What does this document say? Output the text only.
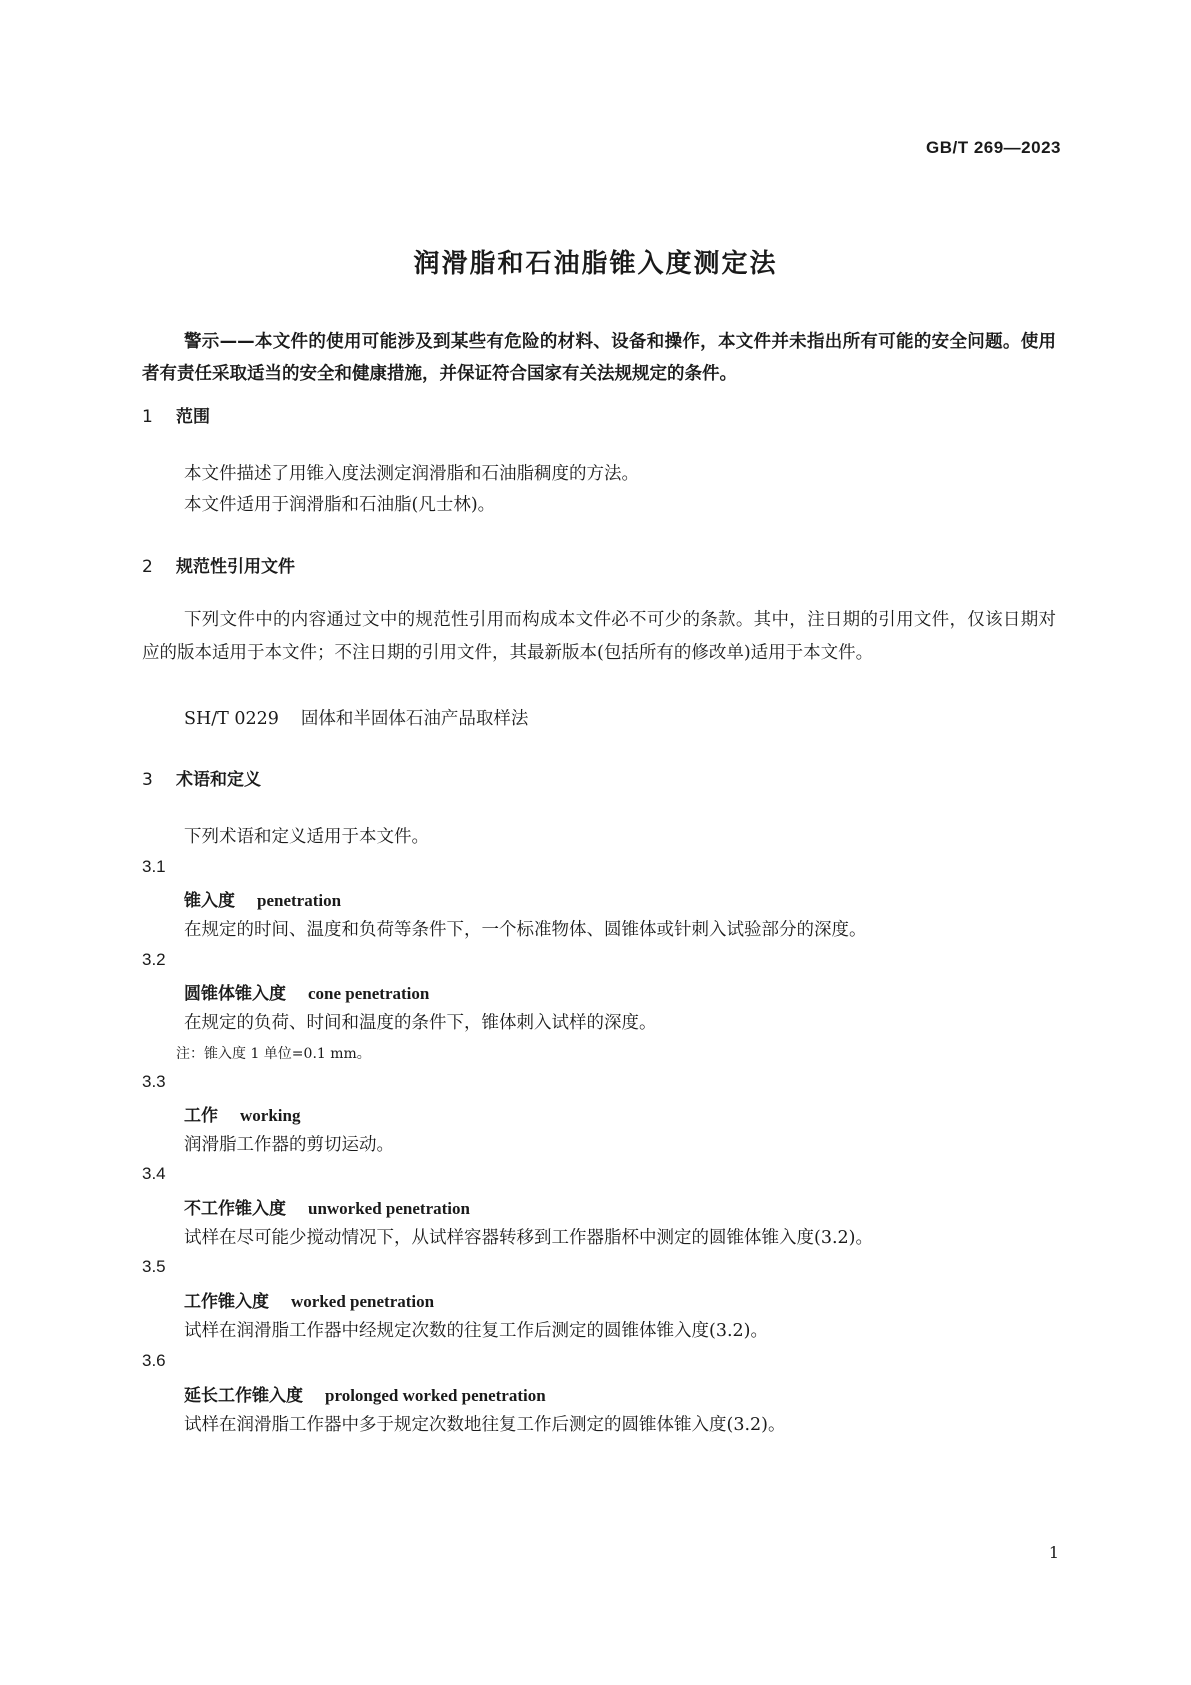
GB/T 269—2023
润滑脂和石油脂锥入度测定法
警示——本文件的使用可能涉及到某些有危险的材料、设备和操作，本文件并未指出所有可能的安全问题。使用者有责任采取适当的安全和健康措施，并保证符合国家有关法规规定的条件。
1 范围
本文件描述了用锥入度法测定润滑脂和石油脂稠度的方法。
本文件适用于润滑脂和石油脂(凡士林)。
2 规范性引用文件
下列文件中的内容通过文中的规范性引用而构成本文件必不可少的条款。其中，注日期的引用文件，仅该日期对应的版本适用于本文件；不注日期的引用文件，其最新版本(包括所有的修改单)适用于本文件。
SH/T 0229 固体和半固体石油产品取样法
3 术语和定义
下列术语和定义适用于本文件。
3.1
锥入度 penetration
在规定的时间、温度和负荷等条件下，一个标准物体、圆锥体或针刺入试验部分的深度。
3.2
圆锥体锥入度 cone penetration
在规定的负荷、时间和温度的条件下，锥体刺入试样的深度。
注：锥入度 1 单位=0.1 mm。
3.3
工作 working
润滑脂工作器的剪切运动。
3.4
不工作锥入度 unworked penetration
试样在尽可能少搅动情况下，从试样容器转移到工作器脂杯中测定的圆锥体锥入度(3.2)。
3.5
工作锥入度 worked penetration
试样在润滑脂工作器中经规定次数的往复工作后测定的圆锥体锥入度(3.2)。
3.6
延长工作锥入度 prolonged worked penetration
试样在润滑脂工作器中多于规定次数地往复工作后测定的圆锥体锥入度(3.2)。
1
